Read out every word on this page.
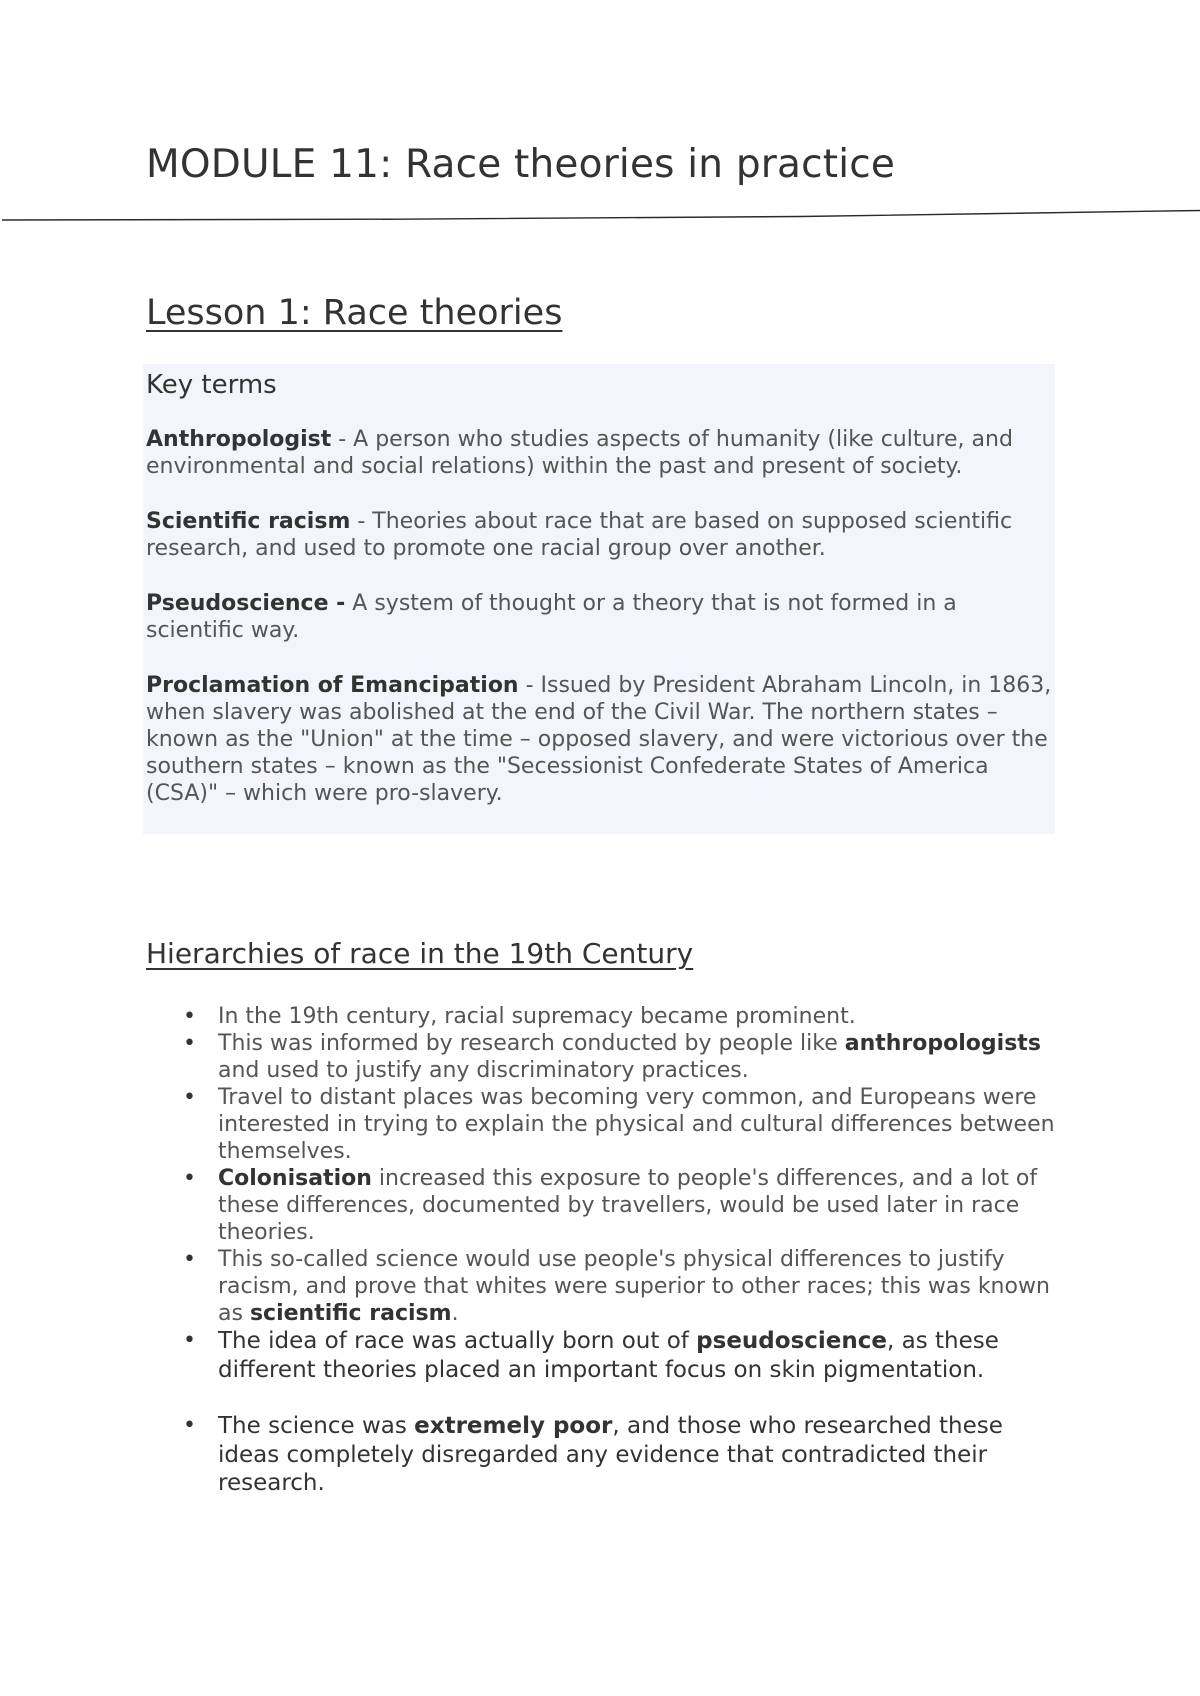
MODULE 11: Race theories in practice
Lesson 1: Race theories
Key terms

Anthropologist - A person who studies aspects of humanity (like culture, and environmental and social relations) within the past and present of society.

Scientific racism - Theories about race that are based on supposed scientific research, and used to promote one racial group over another.

Pseudoscience - A system of thought or a theory that is not formed in a scientific way.

Proclamation of Emancipation - Issued by President Abraham Lincoln, in 1863, when slavery was abolished at the end of the Civil War. The northern states – known as the "Union" at the time – opposed slavery, and were victorious over the southern states – known as the "Secessionist Confederate States of America (CSA)" – which were pro-slavery.

Hierarchies of race in the 19th Century
• In the 19th century, racial supremacy became prominent.
• This was informed by research conducted by people like anthropologists and used to justify any discriminatory practices.
• Travel to distant places was becoming very common, and Europeans were interested in trying to explain the physical and cultural differences between themselves.
• Colonisation increased this exposure to people's differences, and a lot of these differences, documented by travellers, would be used later in race theories.
• This so-called science would use people's physical differences to justify racism, and prove that whites were superior to other races; this was known as scientific racism.
• The idea of race was actually born out of pseudoscience, as these different theories placed an important focus on skin pigmentation.
• The science was extremely poor, and those who researched these ideas completely disregarded any evidence that contradicted their research.
